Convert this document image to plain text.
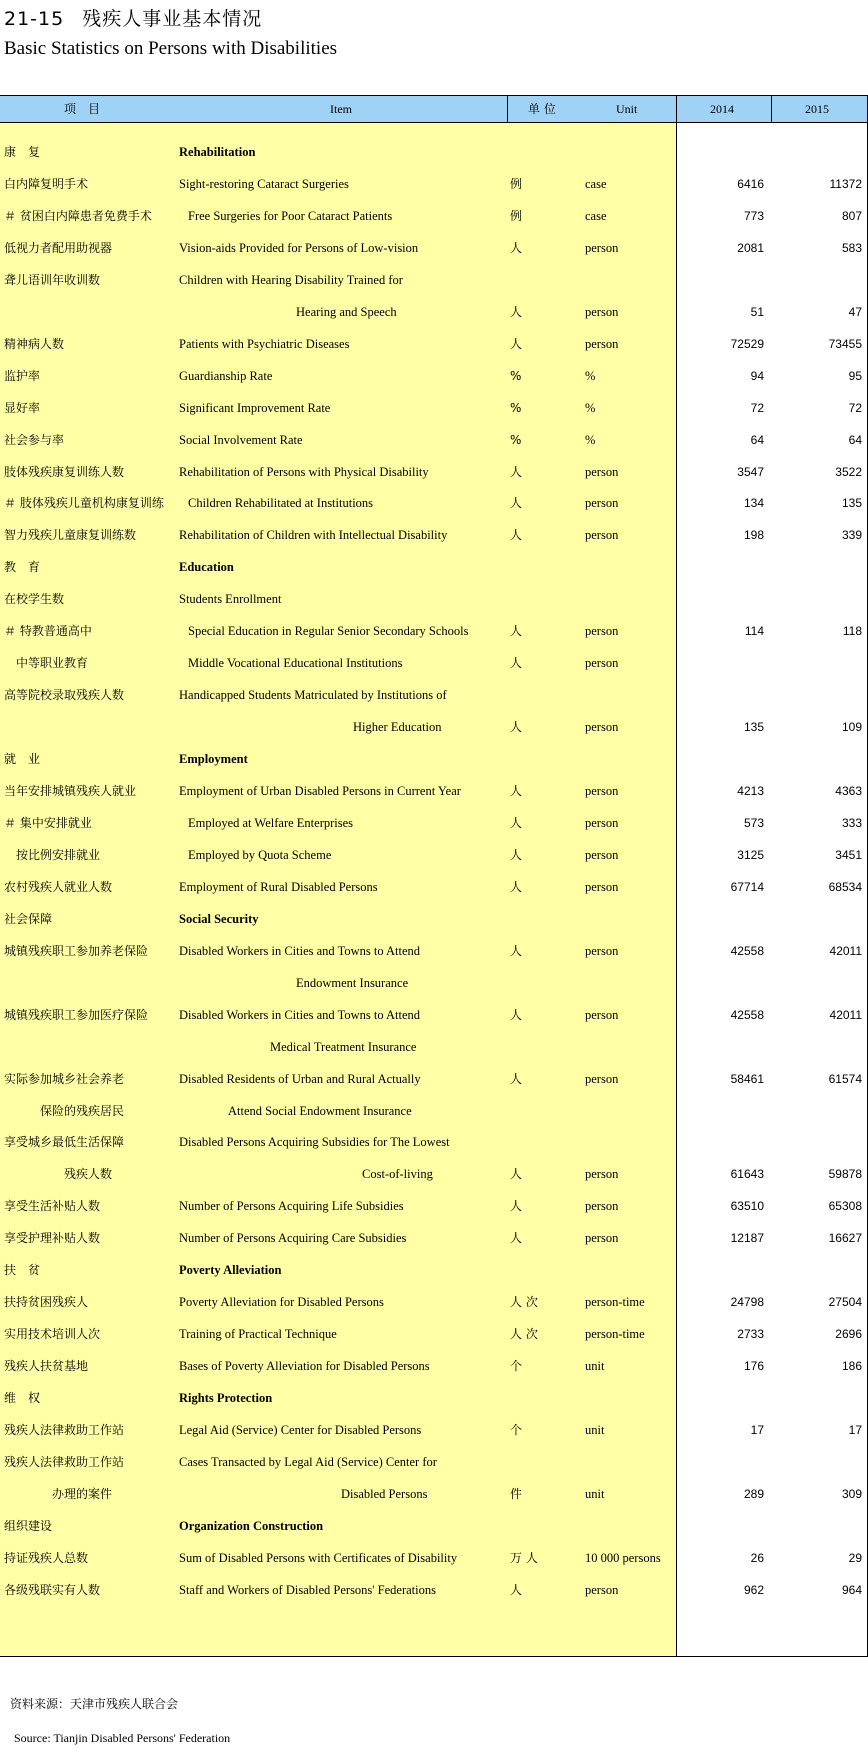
21-15 残疾人事业基本情况
Basic Statistics on Persons with Disabilities
项　目	Item	单 位	Unit	2014	2015
康　复	Rehabilitation
白内障复明手术	Sight-restoring Cataract Surgeries	例	case	6416	11372
＃ 贫困白内障患者免费手术	Free Surgeries for Poor Cataract Patients	例	case	773	807
低视力者配用助视器	Vision-aids Provided for Persons of Low-vision	人	person	2081	583
聋儿语训年收训数	Children with Hearing Disability Trained for
Hearing and Speech	人	person	51	47
精神病人数	Patients with Psychiatric Diseases	人	person	72529	73455
监护率	Guardianship Rate	%	%	94	95
显好率	Significant Improvement Rate	%	%	72	72
社会参与率	Social Involvement Rate	%	%	64	64
肢体残疾康复训练人数	Rehabilitation of Persons with Physical Disability	人	person	3547	3522
＃ 肢体残疾儿童机构康复训练 Children Rehabilitated at Institutions	人	person	134	135
智力残疾儿童康复训练数	Rehabilitation of Children with Intellectual Disability	人	person	198	339
教　育	Education
在校学生数	Students Enrollment
＃ 特教普通高中	Special Education in Regular Senior Secondary Schools	人	person	114	118
　中等职业教育	Middle Vocational Educational Institutions	人	person
高等院校录取残疾人数	Handicapped Students Matriculated by Institutions of
Higher Education	人	person	135	109
就　业	Employment
当年安排城镇残疾人就业	Employment of Urban Disabled Persons in Current Year	人	person	4213	4363
＃ 集中安排就业	Employed at Welfare Enterprises	人	person	573	333
　按比例安排就业	Employed by Quota Scheme	人	person	3125	3451
农村残疾人就业人数	Employment of Rural Disabled Persons	人	person	67714	68534
社会保障	Social Security
城镇残疾职工参加养老保险 Disabled Workers in Cities and Towns to Attend	人	person	42558	42011
Endowment Insurance
城镇残疾职工参加医疗保险 Disabled Workers in Cities and Towns to Attend	人	person	42558	42011
Medical Treatment Insurance
实际参加城乡社会养老	Disabled Residents of Urban and Rural Actually	人	person	58461	61574
　　　保险的残疾居民	Attend Social Endowment Insurance
享受城乡最低生活保障	Disabled Persons Acquiring Subsidies for The Lowest
　　　　　残疾人数	Cost-of-living	人	person	61643	59878
享受生活补贴人数	Number of Persons Acquiring Life Subsidies	人	person	63510	65308
享受护理补贴人数	Number of Persons Acquiring Care Subsidies	人	person	12187	16627
扶　贫	Poverty Alleviation
扶持贫困残疾人	Poverty Alleviation for Disabled Persons	人 次	person-time	24798	27504
实用技术培训人次	Training of Practical Technique	人 次	person-time	2733	2696
残疾人扶贫基地	Bases of Poverty Alleviation for Disabled Persons	个	unit	176	186
维　权	Rights Protection
残疾人法律救助工作站	Legal Aid (Service) Center for Disabled Persons	个	unit	17	17
残疾人法律救助工作站	Cases Transacted by Legal Aid (Service) Center for
　　　　办理的案件	Disabled Persons	件	unit	289	309
组织建设	Organization Construction
持证残疾人总数	Sum of Disabled Persons with Certificates of Disability	万 人	10 000 persons	26	29
各级残联实有人数	Staff and Workers of Disabled Persons' Federations	人	person	962	964
资料来源：天津市残疾人联合会
Source: Tianjin Disabled Persons' Federation
